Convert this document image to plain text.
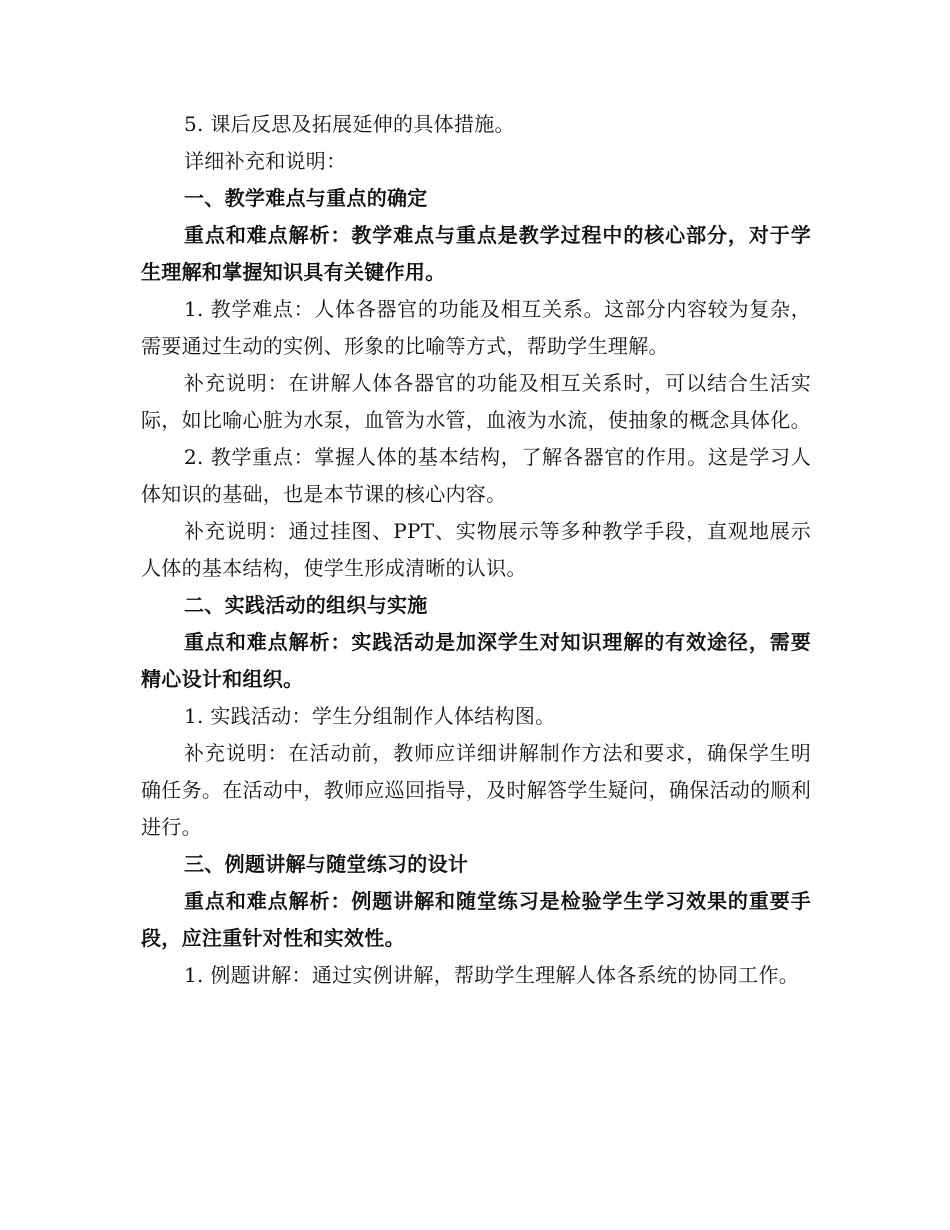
5. 课后反思及拓展延伸的具体措施。

详细补充和说明：

一、教学难点与重点的确定

重点和难点解析：教学难点与重点是教学过程中的核心部分，对于学生理解和掌握知识具有关键作用。

1. 教学难点：人体各器官的功能及相互关系。这部分内容较为复杂，需要通过生动的实例、形象的比喻等方式，帮助学生理解。

补充说明：在讲解人体各器官的功能及相互关系时，可以结合生活实际，如比喻心脏为水泵，血管为水管，血液为水流，使抽象的概念具体化。

2. 教学重点：掌握人体的基本结构，了解各器官的作用。这是学习人体知识的基础，也是本节课的核心内容。

补充说明：通过挂图、PPT、实物展示等多种教学手段，直观地展示人体的基本结构，使学生形成清晰的认识。

二、实践活动的组织与实施

重点和难点解析：实践活动是加深学生对知识理解的有效途径，需要精心设计和组织。

1. 实践活动：学生分组制作人体结构图。

补充说明：在活动前，教师应详细讲解制作方法和要求，确保学生明确任务。在活动中，教师应巡回指导，及时解答学生疑问，确保活动的顺利进行。

三、例题讲解与随堂练习的设计

重点和难点解析：例题讲解和随堂练习是检验学生学习效果的重要手段，应注重针对性和实效性。

1. 例题讲解：通过实例讲解，帮助学生理解人体各系统的协同工作。
